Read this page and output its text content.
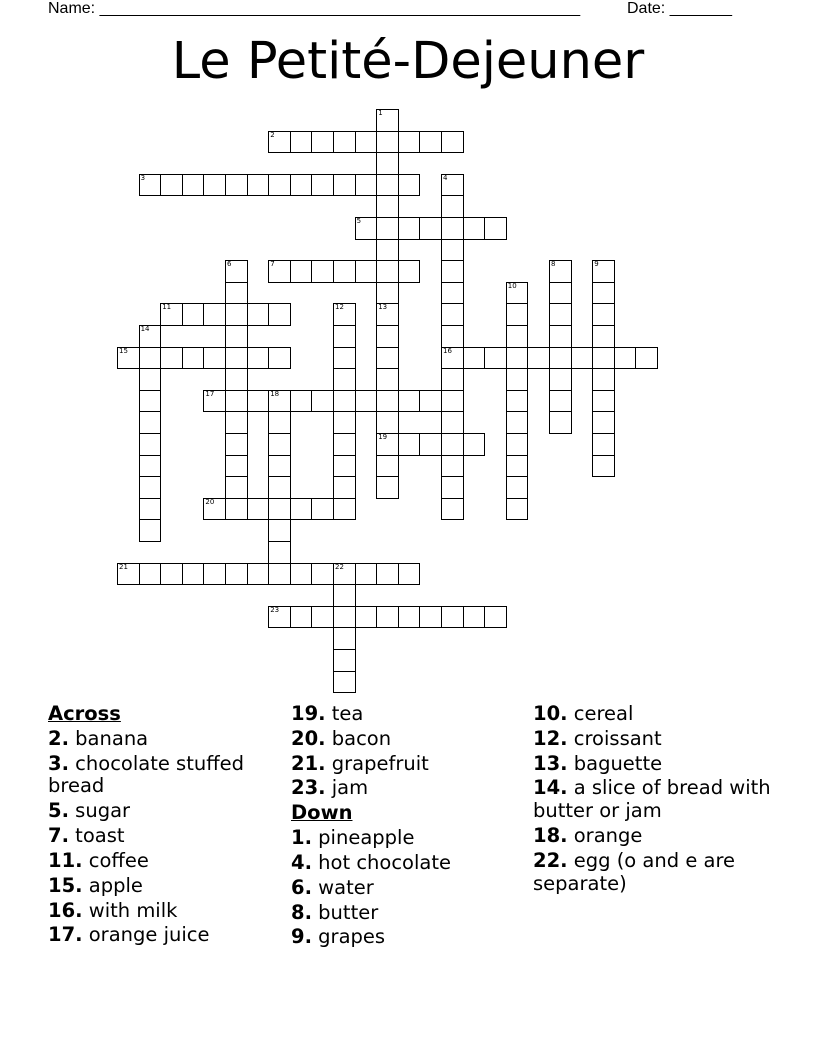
Name: ______________________________________________________	Date: _______
Le Petité-Dejeuner
1
2
3	4
16
5
6	7	8	9
10
11	12	13
19
14
15
17	18
20
21	22
23
Across
2. banana
3. chocolate stuffed bread
5. sugar
7. toast
11. coffee
15. apple
16. with milk
17. orange juice
19. tea
20. bacon
21. grapefruit
23. jam
Down
1. pineapple
4. hot chocolate
6. water
8. butter
9. grapes
10. cereal
12. croissant
13. baguette
14. a slice of bread with butter or jam
18. orange
22. egg (o and e are separate)
